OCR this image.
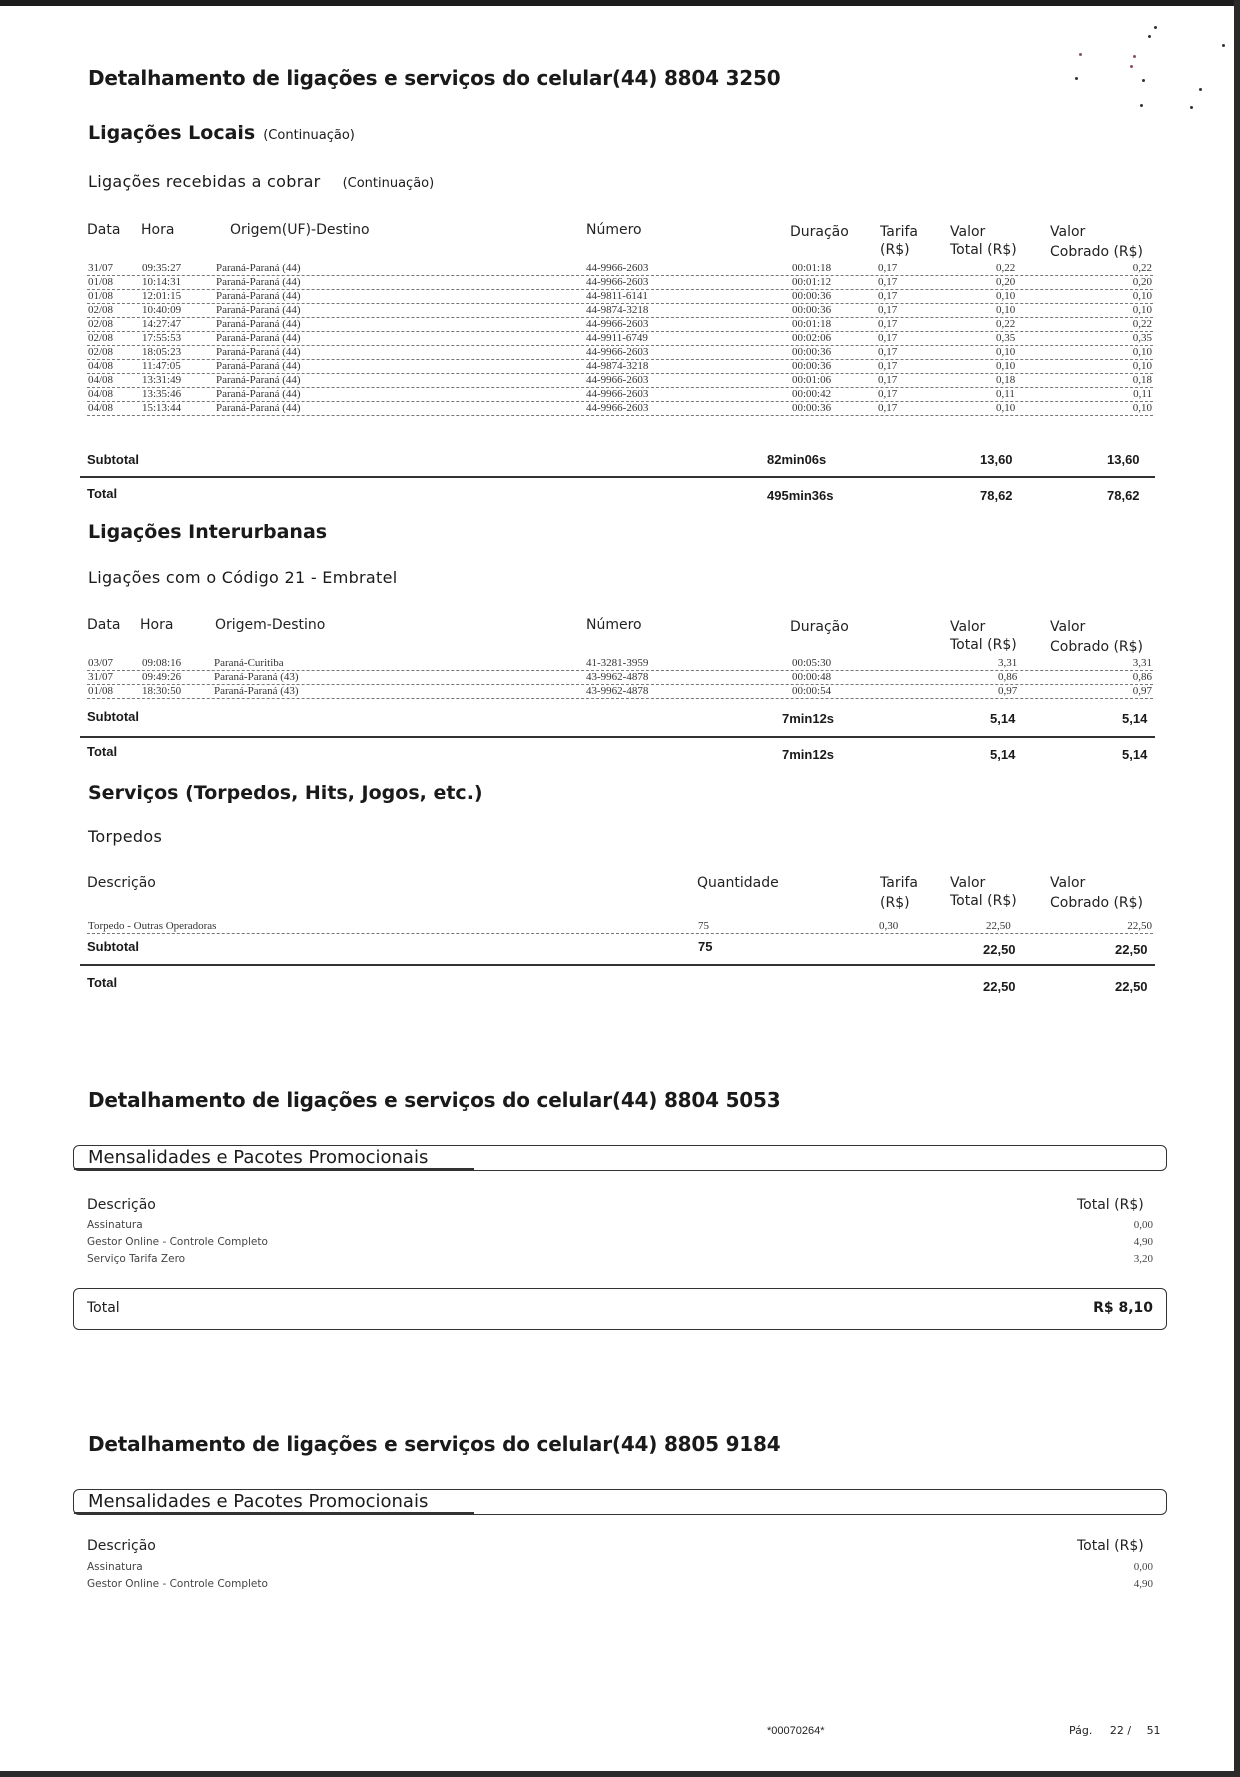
Detalhamento de ligações e serviços do celular(44) 8804 3250
Ligações Locais (Continuação)
Ligações recebidas a cobrar (Continuação)
Data Hora	Origem(UF)-Destino	Número	Duração Tarifa
(R$)
Valor
Total (R$)
Valor
Cobrado (R$)
31/07	09:35:27	Paraná-Paraná (44)	44-9966-2603	00:01:18	0,17	0,22	0,22
01/08	10:14:31	Paraná-Paraná (44)	44-9966-2603	00:01:12	0,17	0,20	0,20
01/08	12:01:15	Paraná-Paraná (44)	44-9811-6141	00:00:36	0,17	0,10	0,10
02/08	10:40:09	Paraná-Paraná (44)	44-9874-3218	00:00:36	0,17	0,10	0,10
02/08	14:27:47	Paraná-Paraná (44)	44-9966-2603	00:01:18	0,17	0,22	0,22
02/08	17:55:53	Paraná-Paraná (44)	44-9911-6749	00:02:06	0,17	0,35	0,35
02/08	18:05:23	Paraná-Paraná (44)	44-9966-2603	00:00:36	0,17	0,10	0,10
04/08	11:47:05	Paraná-Paraná (44)	44-9874-3218	00:00:36	0,17	0,10	0,10
04/08	13:31:49	Paraná-Paraná (44)	44-9966-2603	00:01:06	0,17	0,18	0,18
04/08	13:35:46	Paraná-Paraná (44)	44-9966-2603	00:00:42	0,17	0,11	0,11
04/08	15:13:44	Paraná-Paraná (44)	44-9966-2603	00:00:36	0,17	0,10	0,10
Subtotal	82min06s	13,60	13,60
Total	495min36s	78,62	78,62
Ligações Interurbanas
Ligações com o Código 21 - Embratel
Data Hora	Origem-Destino	Número	Duração	Valor
Total (R$)
Valor
Cobrado (R$)
03/07	09:08:16	Paraná-Curitiba	41-3281-3959	00:05:30	3,31	3,31
31/07	09:49:26	Paraná-Paraná (43)	43-9962-4878	00:00:48	0,86	0,86
01/08	18:30:50	Paraná-Paraná (43)	43-9962-4878	00:00:54	0,97	0,97
Subtotal	7min12s	5,14	5,14
Total	7min12s	5,14	5,14
Serviços (Torpedos, Hits, Jogos, etc.)
Torpedos
Descrição	Quantidade	Tarifa
(R$)
Valor
Total (R$)
Valor
Cobrado (R$)
Torpedo - Outras Operadoras	75	0,30	22,50	22,50
Subtotal	75	22,50	22,50
Total	22,50	22,50
Detalhamento de ligações e serviços do celular(44) 8804 5053
Mensalidades e Pacotes Promocionais
Descrição	Total (R$)
Assinatura	0,00
Gestor Online - Controle Completo	4,90
Serviço Tarifa Zero	3,20
Total	R$ 8,10
Detalhamento de ligações e serviços do celular(44) 8805 9184
Mensalidades e Pacotes Promocionais
Descrição	Total (R$)
Assinatura	0,00
Gestor Online - Controle Completo	4,90
*00070264*	Pág. 22 / 51
